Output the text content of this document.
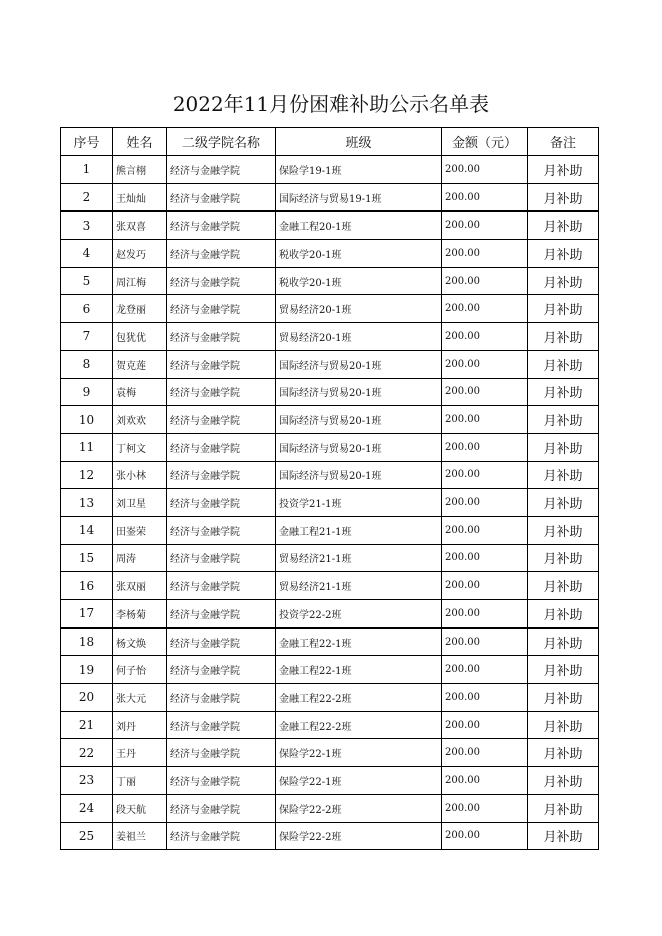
2022年11月份困难补助公示名单表
序号	姓名	二级学院名称	班级	金额（元）	备注
1	熊言栩	经济与金融学院	保险学19-1班	200.00	月补助
2	王灿灿	经济与金融学院	国际经济与贸易19-1班	200.00	月补助
3	张双喜	经济与金融学院	金融工程20-1班	200.00	月补助
4	赵发巧	经济与金融学院	税收学20-1班	200.00	月补助
5	周江梅	经济与金融学院	税收学20-1班	200.00	月补助
6	龙登丽	经济与金融学院	贸易经济20-1班	200.00	月补助
7	包犹优	经济与金融学院	贸易经济20-1班	200.00	月补助
8	贺克莲	经济与金融学院	国际经济与贸易20-1班	200.00	月补助
9	袁梅	经济与金融学院	国际经济与贸易20-1班	200.00	月补助
10	刘欢欢	经济与金融学院	国际经济与贸易20-1班	200.00	月补助
11	丁柯文	经济与金融学院	国际经济与贸易20-1班	200.00	月补助
12	张小林	经济与金融学院	国际经济与贸易20-1班	200.00	月补助
13	刘卫星	经济与金融学院	投资学21-1班	200.00	月补助
14	田崟荣	经济与金融学院	金融工程21-1班	200.00	月补助
15	周涛	经济与金融学院	贸易经济21-1班	200.00	月补助
16	张双丽	经济与金融学院	贸易经济21-1班	200.00	月补助
17	李杨菊	经济与金融学院	投资学22-2班	200.00	月补助
18	杨文焕	经济与金融学院	金融工程22-1班	200.00	月补助
19	何子怡	经济与金融学院	金融工程22-1班	200.00	月补助
20	张大元	经济与金融学院	金融工程22-2班	200.00	月补助
21	刘丹	经济与金融学院	金融工程22-2班	200.00	月补助
22	王丹	经济与金融学院	保险学22-1班	200.00	月补助
23	丁丽	经济与金融学院	保险学22-1班	200.00	月补助
24	段天航	经济与金融学院	保险学22-2班	200.00	月补助
25	姜祖兰	经济与金融学院	保险学22-2班	200.00	月补助
